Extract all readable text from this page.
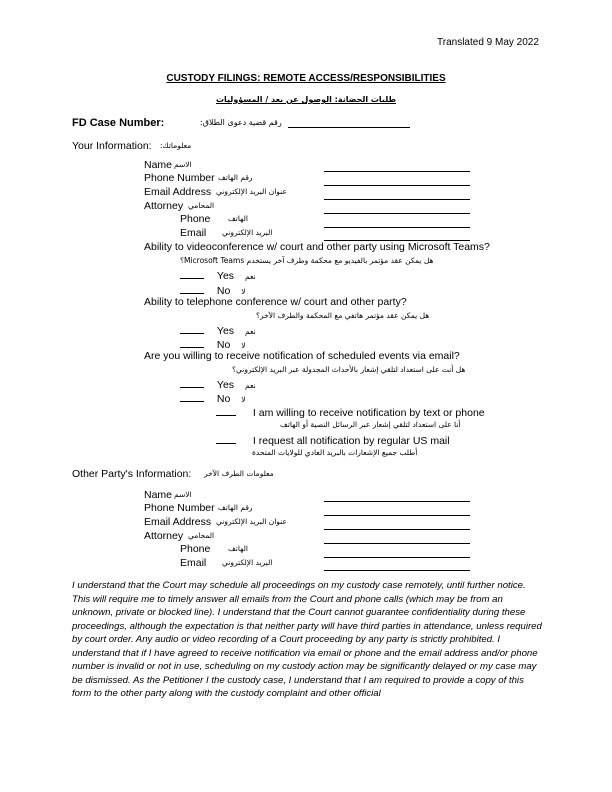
Translated 9 May 2022
CUSTODY FILINGS: REMOTE ACCESS/RESPONSIBILITIES
طلبات الحضانة: الوصول عن بعد / المسؤوليات
FD Case Number:	رقم قضية دعوى الطلاق:
Your Information: معلوماتك:
Name الاسم
Phone Number رقم الهاتف
Email Address عنوان البريد الإلكتروني
Attorney المحامي
Phone الهاتف
Email البريد الإلكتروني
Ability to videoconference w/ court and other party using Microsoft Teams?
هل يمكن عقد مؤتمر بالفيديو مع محكمة وطرف آخر يستخدم Microsoft Teams؟
Yes نعم
No لا
Ability to telephone conference w/ court and other party?
هل يمكن عقد مؤتمر هاتفي مع المحكمة والطرف الآخر؟
Yes نعم
No لا
Are you willing to receive notification of scheduled events via email?
هل أنت على استعداد لتلقي إشعار بالأحداث المجدولة عبر البريد الإلكتروني؟
Yes نعم
No لا
I am willing to receive notification by text or phone
أنا على استعداد لتلقي إشعار عبر الرسائل النصية أو الهاتف
I request all notification by regular US mail
أطلب جميع الإشعارات بالبريد العادي للولايات المتحدة
Other Party's Information: معلومات الطرف الآخر
Name الاسم
Phone Number رقم الهاتف
Email Address عنوان البريد الإلكتروني
Attorney المحامي
Phone الهاتف
Email البريد الإلكتروني
I understand that the Court may schedule all proceedings on my custody case remotely, until further notice. This will require me to timely answer all emails from the Court and phone calls (which may be from an unknown, private or blocked line). I understand that the Court cannot guarantee confidentiality during these proceedings, although the expectation is that neither party will have third parties in attendance, unless required by court order. Any audio or video recording of a Court proceeding by any party is strictly prohibited. I understand that if I have agreed to receive notification via email or phone and the email address and/or phone number is invalid or not in use, scheduling on my custody action may be significantly delayed or my case may be dismissed. As the Petitioner I the custody case, I understand that I am required to provide a copy of this form to the other party along with the custody complaint and other official
